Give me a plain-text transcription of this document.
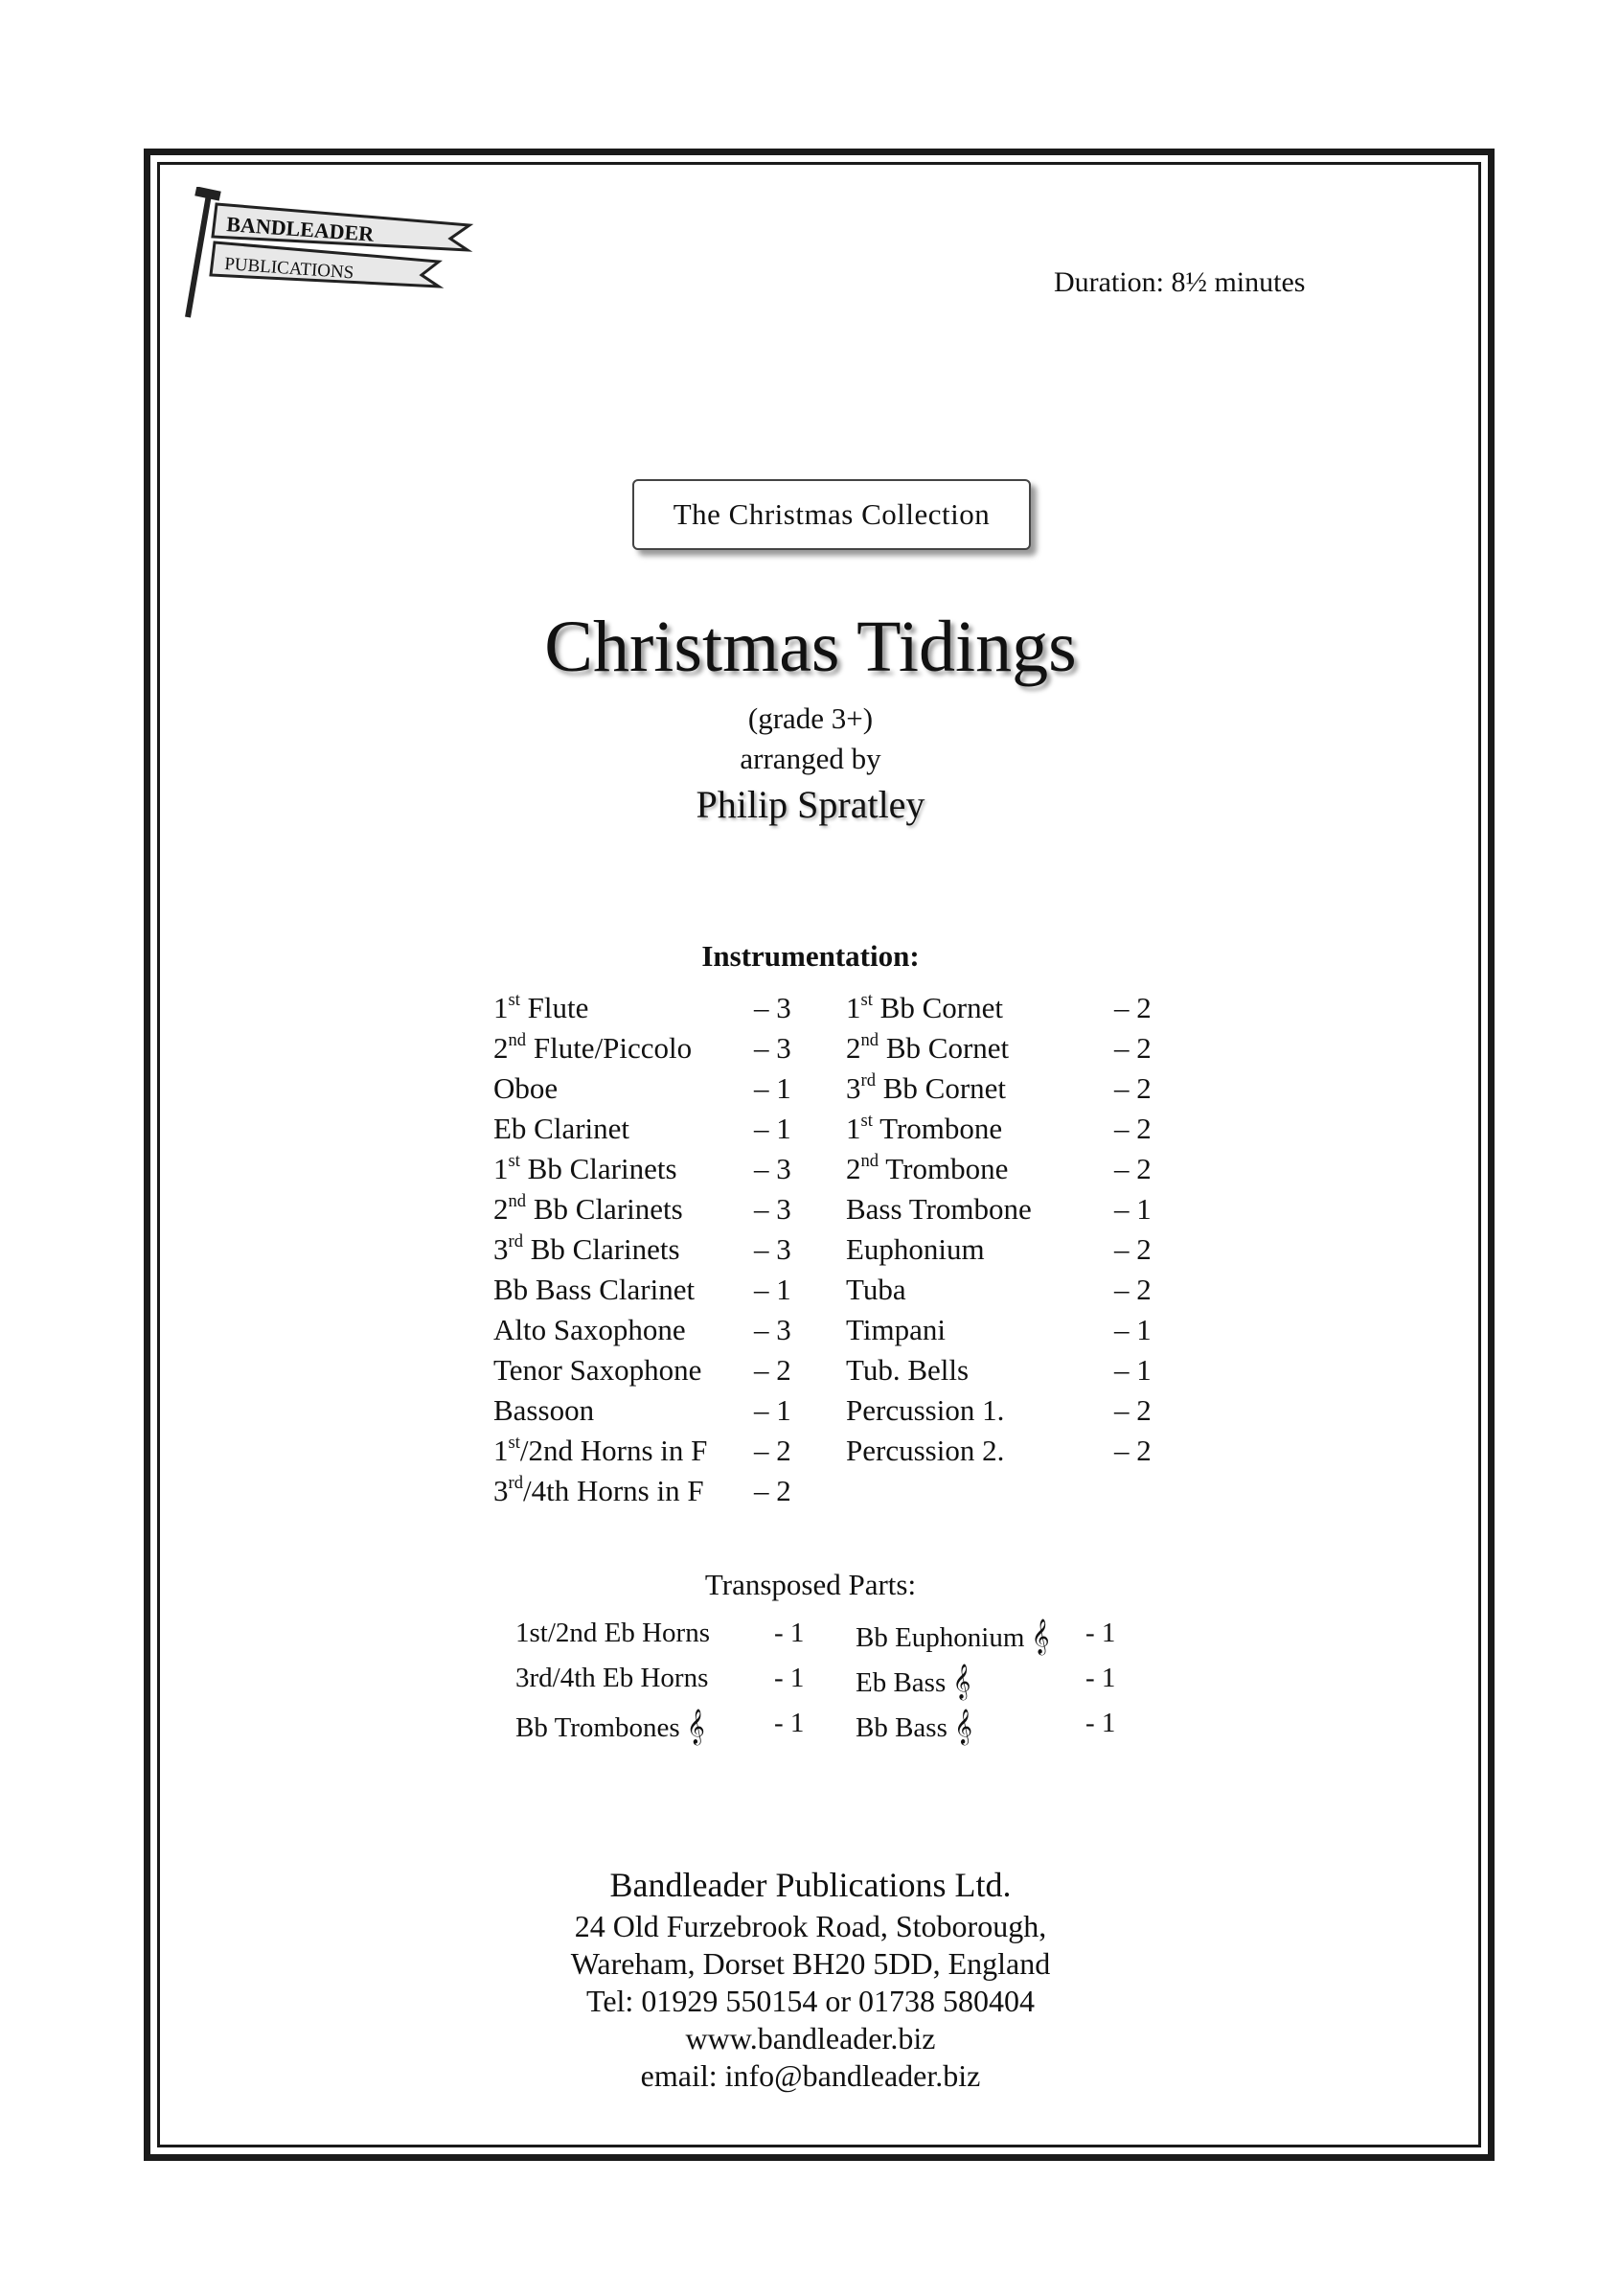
BANDLEADER
PUBLICATIONS	Duration: 8½ minutes
The Christmas Collection
Christmas Tidings
(grade 3+)
arranged by
Philip Spratley
Instrumentation:
1st Flute	– 3
2nd Flute/Piccolo – 3
Oboe	– 1
Eb Clarinet	– 1
1st Bb Clarinets	– 3
2nd Bb Clarinets – 3
3rd Bb Clarinets – 3
Bb Bass Clarinet – 1
Alto Saxophone – 3
Tenor Saxophone – 2
Bassoon	– 1
1st/2nd Horns in F – 2
3rd/4th Horns in F – 2
1st Bb Cornet	– 2
2nd Bb Cornet	– 2
3rd Bb Cornet	– 2
1st Trombone	– 2
2nd Trombone	– 2
Bass Trombone	– 1
Euphonium	– 2
Tuba	– 2
Timpani	– 1
Tub. Bells	– 1
Percussion 1.	– 2
Percussion 2.	– 2
Transposed Parts:
1st/2nd Eb Horns - 1
3rd/4th Eb Horns - 1
Bb Trombones 𝄞 - 1
Bb Euphonium 𝄞 - 1
Eb Bass 𝄞	- 1
Bb Bass 𝄞	- 1
Bandleader Publications Ltd.
24 Old Furzebrook Road, Stoborough,
Wareham, Dorset BH20 5DD, England
Tel: 01929 550154 or 01738 580404
www.bandleader.biz
email: info@bandleader.biz
